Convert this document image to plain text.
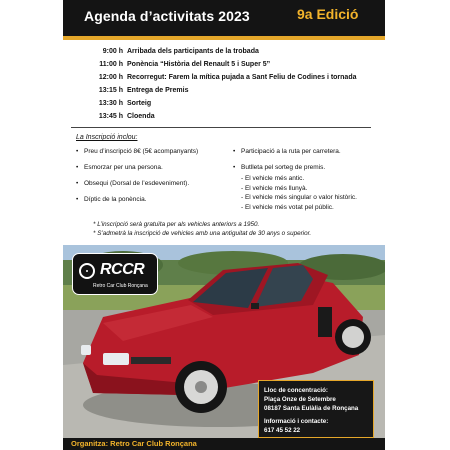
Agenda d’activitats 2023	9a Edició
9:00 h Arribada dels participants de la trobada
11:00 h Ponència “Història del Renault 5 i Super 5”
12:00 h Recorregut: Farem la mítica pujada a Sant Feliu de Codines i tornada
13:15 h Entrega de Premis
13:30 h Sorteig
13:45 h Cloenda
La Inscripció inclou:
• Preu d’inscripció 8€ (5€ acompanyants)
• Esmorzar per una persona.
• Obsequi (Dorsal de l’esdeveniment).
• Díptic de la ponència.
• Participació a la ruta per carretera.
• Butlleta pel sorteg de premis.
- El vehicle més antic.
- El vehicle més llunyà.
- El vehicle més singular o valor històric.
- El vehicle més votat pel públic.
* L’inscripció serà gratuïta per als vehicles anteriors a 1950.
* S’admetrà la inscripció de vehicles amb una antiguitat de 30 anys o superior.
RCCR
Retro Car Club Ronçana
Lloc de concentració:
Plaça Onze de Setembre
08187 Santa Eulàlia de Ronçana
Informació i contacte:
617 45 52 22
Organitza: Retro Car Club Ronçana
